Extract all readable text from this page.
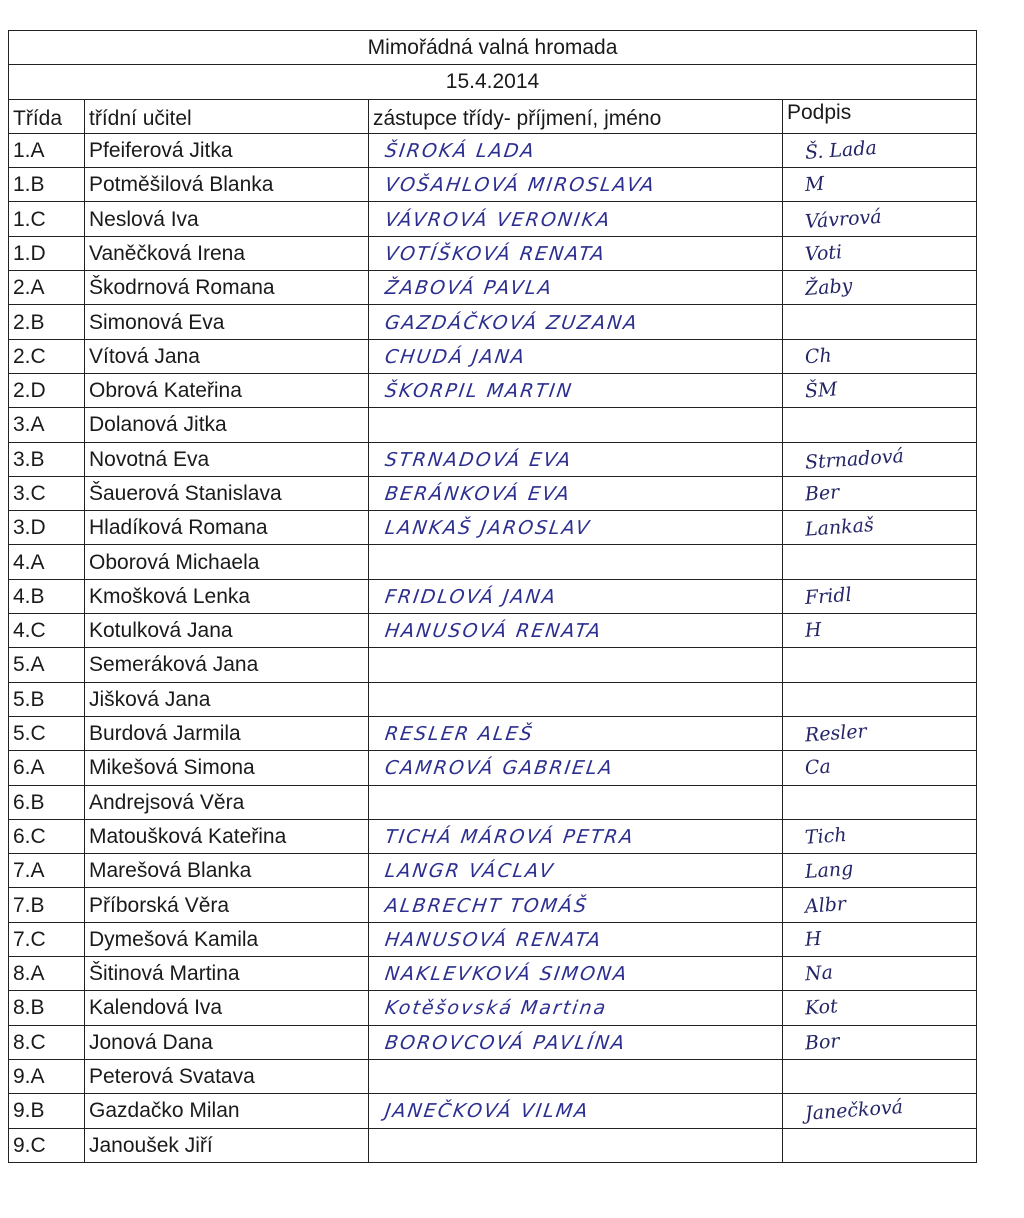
Mimořádná valná hromada			
15.4.2014			
Třída	třídní učitel	zástupce třídy- příjmení, jméno	Podpis
1.A	Pfeiferová Jitka	ŠIROKÁ LADA	Š. Lada
1.B	Potměšilová Blanka	VOŠAHLOVÁ MIROSLAVA	M
1.C	Neslová Iva	VÁVROVÁ VERONIKA	Vávrová
1.D	Vaněčková Irena	VOTÍŠKOVÁ RENATA	Voti
2.A	Škodrnová Romana	ŽABOVÁ PAVLA	Žaby
2.B	Simonová Eva	GAZDÁČKOVÁ ZUZANA	
2.C	Vítová Jana	CHUDÁ JANA	Ch
2.D	Obrová Kateřina	ŠKORPIL MARTIN	ŠM
3.A	Dolanová Jitka		
3.B	Novotná Eva	STRNADOVÁ EVA	Strnadová
3.C	Šauerová Stanislava	BERÁNKOVÁ EVA	Ber
3.D	Hladíková Romana	LANKAŠ JAROSLAV	Lankaš
4.A	Oborová Michaela		
4.B	Kmošková Lenka	FRIDLOVÁ JANA	Fridl
4.C	Kotulková Jana	HANUSOVÁ RENATA	H
5.A	Semeráková Jana		
5.B	Jišková Jana		
5.C	Burdová Jarmila	RESLER ALEŠ	Resler
6.A	Mikešová Simona	CAMROVÁ GABRIELA	Ca
6.B	Andrejsová Věra		
6.C	Matoušková Kateřina	TICHÁ MÁROVÁ PETRA	Tich
7.A	Marešová Blanka	LANGR VÁCLAV	Lang
7.B	Příborská Věra	ALBRECHT TOMÁŠ	Albr
7.C	Dymešová Kamila	HANUSOVÁ RENATA	H
8.A	Šitinová Martina	NAKLEVKOVÁ SIMONA	Na
8.B	Kalendová Iva	Kotěšovská Martina	Kot
8.C	Jonová Dana	BOROVCOVÁ PAVLÍNA	Bor
9.A	Peterová Svatava		
9.B	Gazdačko Milan	JANEČKOVÁ VILMA	Janečková
9.C	Janoušek Jiří		
